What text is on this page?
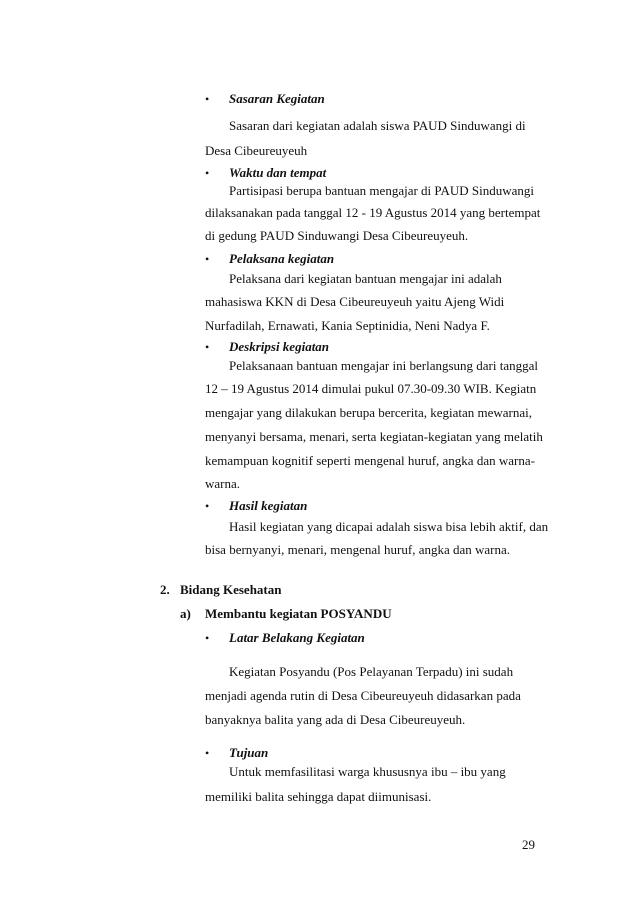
• Sasaran Kegiatan
Sasaran dari kegiatan adalah siswa PAUD Sinduwangi di
Desa Cibeureuyeuh
• Waktu dan tempat
Partisipasi berupa bantuan mengajar di PAUD Sinduwangi
dilaksanakan pada tanggal 12 - 19 Agustus 2014 yang bertempat
di gedung PAUD Sinduwangi Desa Cibeureuyeuh.
• Pelaksana kegiatan
Pelaksana dari kegiatan bantuan mengajar ini adalah
mahasiswa KKN di Desa Cibeureuyeuh yaitu Ajeng Widi
Nurfadilah, Ernawati, Kania Septinidia, Neni Nadya F.
• Deskripsi kegiatan
Pelaksanaan bantuan mengajar ini berlangsung dari tanggal
12 – 19 Agustus 2014 dimulai pukul 07.30-09.30 WIB. Kegiatn
mengajar yang dilakukan berupa bercerita, kegiatan mewarnai,
menyanyi bersama, menari, serta kegiatan-kegiatan yang melatih
kemampuan kognitif seperti mengenal huruf, angka dan warna-
warna.
• Hasil kegiatan
Hasil kegiatan yang dicapai adalah siswa bisa lebih aktif, dan
bisa bernyanyi, menari, mengenal huruf, angka dan warna.
2. Bidang Kesehatan
a) Membantu kegiatan POSYANDU
• Latar Belakang Kegiatan
Kegiatan Posyandu (Pos Pelayanan Terpadu) ini sudah
menjadi agenda rutin di Desa Cibeureuyeuh didasarkan pada
banyaknya balita yang ada di Desa Cibeureuyeuh.
• Tujuan
Untuk memfasilitasi warga khususnya ibu – ibu yang
memiliki balita sehingga dapat diimunisasi.
29
